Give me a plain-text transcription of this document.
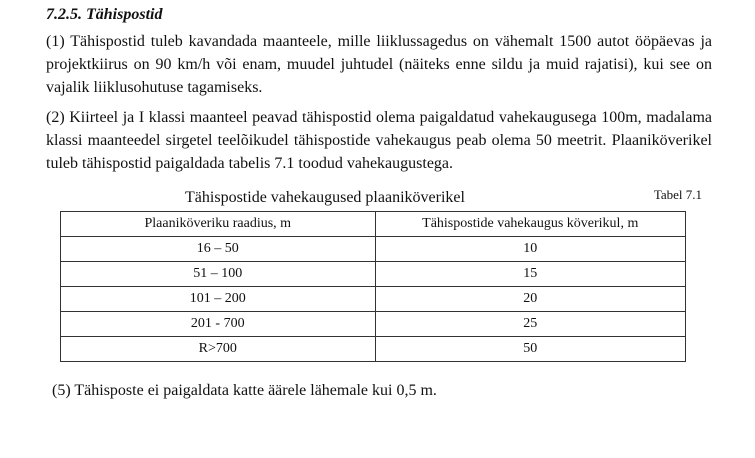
7.2.5. Tähispostid

(1) Tähispostid tuleb kavandada maanteele, mille liiklussagedus on vähemalt 1500 autot ööpäevas ja projektkiirus on 90 km/h või enam, muudel juhtudel (näiteks enne sildu ja muid rajatisi), kui see on vajalik liiklusohutuse tagamiseks.

(2) Kiirteel ja I klassi maanteel peavad tähispostid olema paigaldatud vahekaugusega 100m, madalama klassi maanteedel sirgetel teelõikudel tähispostide vahekaugus peab olema 50 meetrit. Plaaniköverikel tuleb tähispostid paigaldada tabelis 7.1 toodud vahekaugustega.

Tähispostide vahekaugused plaaniköverikel	Tabel 7.1
Plaaniköveriku raadius, m	Tähispostide vahekaugus köverikul, m
16 – 50	10
51 – 100	15
101 – 200	20
201 - 700	25
R>700	50

(5) Tähisposte ei paigaldata katte äärele lähemale kui 0,5 m.
